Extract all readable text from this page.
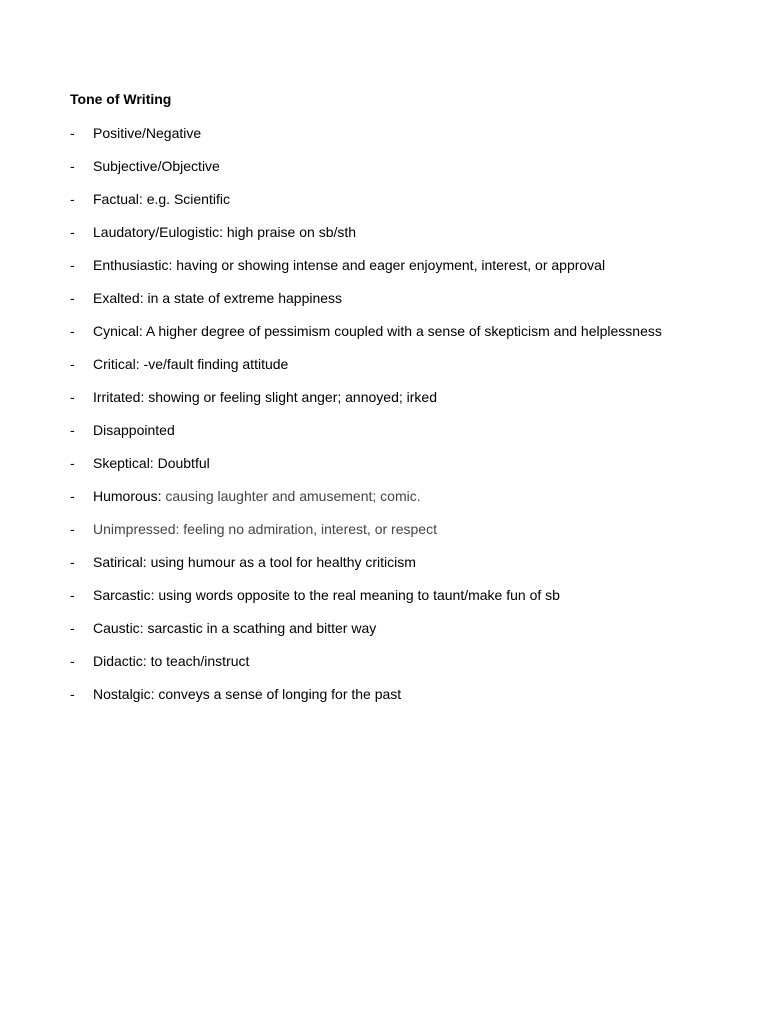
Tone of Writing

- Positive/Negative
- Subjective/Objective
- Factual: e.g. Scientific
- Laudatory/Eulogistic: high praise on sb/sth
- Enthusiastic: having or showing intense and eager enjoyment, interest, or approval
- Exalted: in a state of extreme happiness
- Cynical: A higher degree of pessimism coupled with a sense of skepticism and helplessness
- Critical: -ve/fault finding attitude
- Irritated: showing or feeling slight anger; annoyed; irked
- Disappointed
- Skeptical: Doubtful
- Humorous: causing laughter and amusement; comic.
- Unimpressed: feeling no admiration, interest, or respect
- Satirical: using humour as a tool for healthy criticism
- Sarcastic: using words opposite to the real meaning to taunt/make fun of sb
- Caustic: sarcastic in a scathing and bitter way
- Didactic: to teach/instruct
- Nostalgic: conveys a sense of longing for the past
